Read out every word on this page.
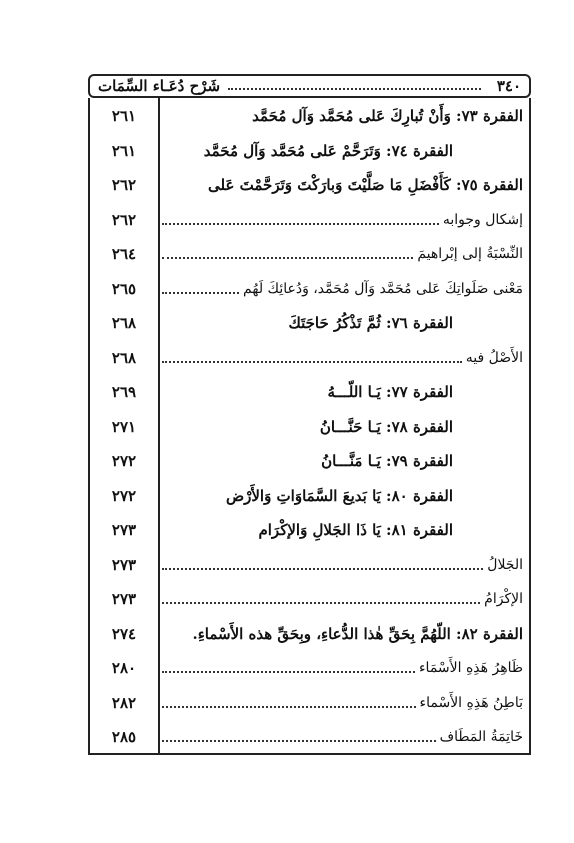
٣٤٠
شَرْح دُعَـاء السِّمَات
٢٦١	الفقرة ٧٣: وَأَنْ تُبارِكَ عَلى مُحَمَّد وَآل مُحَمَّد
٢٦١	الفقرة ٧٤: وَتَرَحَّمْ عَلى مُحَمَّد وَآل مُحَمَّد
٢٦٢	الفقرة ٧٥: كَأَفْضَلِ مَا صَلَّيْتَ وَبارَكْتَ وَتَرَحَّمْتَ عَلى
٢٦٢	إشكال وجوابه
٢٦٤	النِّسْبَةُ إلى إبْراهيمَ
٢٦٥	مَعْنى صَلَواتِكَ عَلى مُحَمَّد وَآل مُحَمَّد، وَدُعائِكَ لَهُم
٢٦٨	الفقرة ٧٦: ثُمَّ تَذْكُرُ حَاجَتَكَ
٢٦٨	الأَصْلُ فيه
٢٦٩	الفقرة ٧٧: يَـا اللّـــهُ
٢٧١	الفقرة ٧٨: يَـا حَنَّـــانُ
٢٧٢	الفقرة ٧٩: يَـا مَنَّـــانُ
٢٧٢	الفقرة ٨٠: يَا بَديعَ السَّمَاوَاتِ وَالأَرْض
٢٧٣	الفقرة ٨١: يَا ذَا الجَلالِ وَالإكْرَام
٢٧٣	الجَلالُ
٢٧٣	الإكْرَامُ
٢٧٤	الفقرة ٨٢: اللّهُمَّ بِحَقِّ هٰذا الدُّعاءِ، وبِحَقِّ هذه الأَسْماءِ.
٢٨٠	ظَاهِرُ هَذِهِ الأَسْمَاء
٢٨٢	بَاطِنُ هَذِهِ الأَسْماء
٢٨٥	خَاتِمَةُ المَطَاف
